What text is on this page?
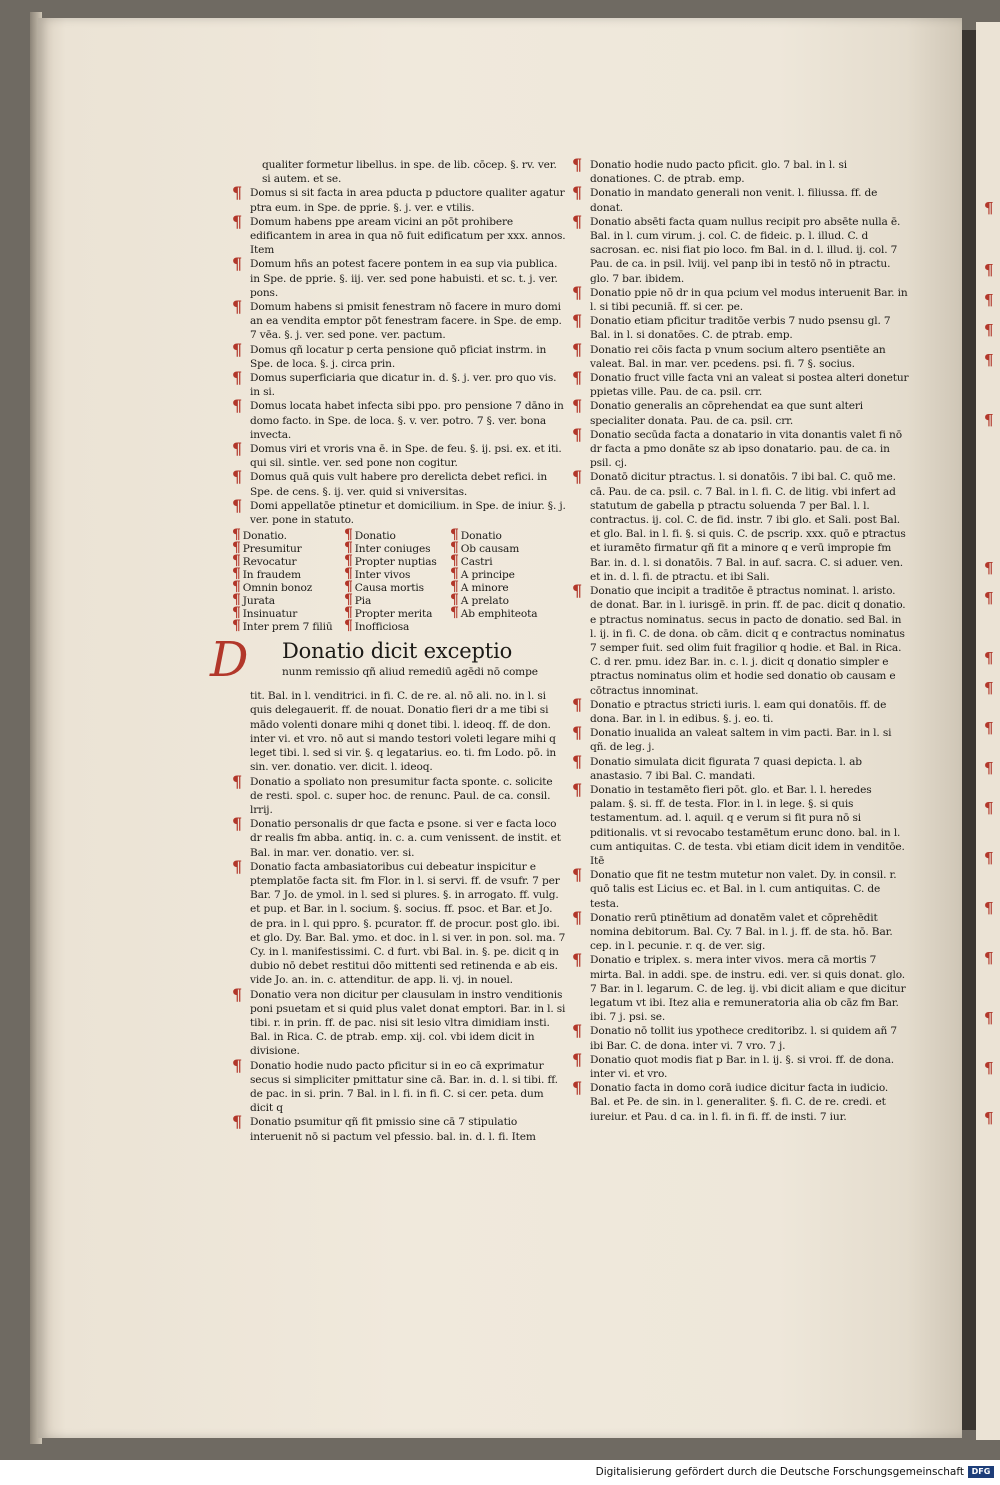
¶
¶
¶
¶
¶
¶
¶
¶
¶
¶
¶
¶
¶
¶
¶
¶
¶
¶
¶

qualiter formetur libellus. in spe. de lib. cōcep. §. rv. ver. si autem. et se.

¶ Domus si sit facta in area pducta p pductore qualiter agatur ptra eum. in Spe. de pprie. §. j. ver. e vtilis.

¶ Domum habens ppe aream vicini an pōt prohibere edificantem in area in qua nō fuit edificatum per xxx. annos. Item

¶ Domum hñs an potest facere pontem in ea sup via publica. in Spe. de pprie. §. iij. ver. sed pone habuisti. et sc. t. j. ver. pons.

¶ Domum habens si pmisit fenestram nō facere in muro domi an ea vendita emptor pōt fenestram facere. in Spe. de emp. 7 vēa. §. j. ver. sed pone. ver. pactum.

¶ Domus qñ locatur p certa pensione quō pficiat instrm. in Spe. de loca. §. j. circa prin.

¶ Domus superficiaria que dicatur in. d. §. j. ver. pro quo vis. in si.

¶ Domus locata habet infecta sibi ppo. pro pensione 7 dāno in domo facto. in Spe. de loca. §. v. ver. potro. 7 §. ver. bona invecta.

¶ Domus viri et vroris vna ē. in Spe. de feu. §. ij. psi. ex. et iti. qui sil. sintle. ver. sed pone non cogitur.

¶ Domus quā quis vult habere pro derelicta debet refici. in Spe. de cens. §. ij. ver. quid si vniversitas.

¶ Domi appellatōe ptinetur et domicilium. in Spe. de iniur. §. j. ver. pone in statuto.

¶ Donatio.	¶ Donatio	¶ Donatio
¶ Presumitur	¶ Inter coniuges ¶ Ob causam
¶ Revocatur	¶ Propter nuptias ¶ Castri
¶ In fraudem	¶ Inter vivos	¶ A principe
¶ Omnin bonoz ¶ Causa mortis ¶ A minore
¶ Jurata	¶ Pia	¶ A prelato
¶ Insinuatur	¶ Propter merita ¶ Ab emphiteota
¶ Inter prem 7 filiū ¶ Inofficiosa
D	Donatio dicit exceptio
nunm remissio qñ aliud remediū agēdi nō compe

tit. Bal. in l. venditrici. in fi. C. de re. al. nō ali. no. in l. si quis delegauerit. ff. de nouat. Donatio fieri dr a me tibi si mādo volenti donare mihi q donet tibi. l. ideoq. ff. de don. inter vi. et vro. nō aut si mando testori voleti legare mihi q leget tibi. l. sed si vir. §. q legatarius. eo. ti. fm Lodo. pō. in sin. ver. donatio. ver. dicit. l. ideoq.

¶ Donatio a spoliato non presumitur facta sponte. c. solicite de resti. spol. c. super hoc. de renunc. Paul. de ca. consil. lrrij.

¶ Donatio personalis dr que facta e psone. si ver e facta loco dr realis fm abba. antiq. in. c. a. cum venissent. de instit. et Bal. in mar. ver. donatio. ver. si.

¶ Donatio facta ambasiatoribus cui debeatur inspicitur e ptemplatōe facta sit. fm Flor. in l. si servi. ff. de vsufr. 7 per Bar. 7 Jo. de ymol. in l. sed si plures. §. in arrogato. ff. vulg. et pup. et Bar. in l. socium. §. socius. ff. psoc. et Bar. et Jo. de pra. in l. qui ppro. §. pcurator. ff. de procur. post glo. ibi. et glo. Dy. Bar. Bal. ymo. et doc. in l. si ver. in pon. sol. ma. 7 Cy. in l. manifestissimi. C. d furt. vbi Bal. in. §. pe. dicit q in dubio nō debet restitui dōo mittenti sed retinenda e ab eis. vide Jo. an. in. c. attenditur. de app. li. vj. in nouel.

¶ Donatio vera non dicitur per clausulam in instro venditionis poni psuetam et si quid plus valet donat emptori. Bar. in l. si tibi. r. in prin. ff. de pac. nisi sit lesio vltra dimidiam insti. Bal. in Rica. C. de ptrab. emp. xij. col. vbi idem dicit in divisione.

¶ Donatio hodie nudo pacto pficitur si in eo cā exprimatur secus si simpliciter pmittatur sine cā. Bar. in. d. l. si tibi. ff. de pac. in si. prin. 7 Bal. in l. fi. in fi. C. si cer. peta. dum dicit q

¶ Donatio psumitur qñ fit pmissio sine cā 7 stipulatio interuenit nō si pactum vel pfessio. bal. in. d. l. fi. Item

¶ Donatio hodie nudo pacto pficit. glo. 7 bal. in l. si donationes. C. de ptrab. emp.

¶ Donatio in mandato generali non venit. l. filiussa. ff. de donat.

¶ Donatio absēti facta quam nullus recipit pro absēte nulla ē. Bal. in l. cum virum. j. col. C. de fideic. p. l. illud. C. d sacrosan. ec. nisi fiat pio loco. fm Bal. in d. l. illud. ij. col. 7 Pau. de ca. in psil. lviij. vel panp ibi in testō nō in ptractu. glo. 7 bar. ibidem.

¶ Donatio ppie nō dr in qua pcium vel modus interuenit Bar. in l. si tibi pecuniā. ff. si cer. pe.

¶ Donatio etiam pficitur traditōe verbis 7 nudo psensu gl. 7 Bal. in l. si donatōes. C. de ptrab. emp.

¶ Donatio rei cōis facta p vnum socium altero psentiēte an valeat. Bal. in mar. ver. pcedens. psi. fi. 7 §. socius.

¶ Donatio fruct ville facta vni an valeat si postea alteri donetur ppietas ville. Pau. de ca. psil. crr.

¶ Donatio generalis an cōprehendat ea que sunt alteri specialiter donata. Pau. de ca. psil. crr.

¶ Donatio secūda facta a donatario in vita donantis valet fi nō dr facta a pmo donāte sz ab ipso donatario. pau. de ca. in psil. cj.

¶ Donatō dicitur ptractus. l. si donatōis. 7 ibi bal. C. quō me. cā. Pau. de ca. psil. c. 7 Bal. in l. fi. C. de litig. vbi infert ad statutum de gabella p ptractu soluenda 7 per Bal. l. l. contractus. ij. col. C. de fid. instr. 7 ibi glo. et Sali. post Bal. et glo. Bal. in l. fi. §. si quis. C. de pscrip. xxx. quō e ptractus et iuramēto firmatur qñ fit a minore q e verū impropie fm Bar. in. d. l. si donatōis. 7 Bal. in auf. sacra. C. si aduer. ven. et in. d. l. fi. de ptractu. et ibi Sali.

¶ Donatio que incipit a traditōe ē ptractus nominat. l. aristo. de donat. Bar. in l. iurisgē. in prin. ff. de pac. dicit q donatio. e ptractus nominatus. secus in pacto de donatio. sed Bal. in l. ij. in fi. C. de dona. ob cām. dicit q e contractus nominatus 7 semper fuit. sed olim fuit fragilior q hodie. et Bal. in Rica. C. d rer. pmu. idez Bar. in. c. l. j. dicit q donatio simpler e ptractus nominatus olim et hodie sed donatio ob causam e cōtractus innominat.

¶ Donatio e ptractus stricti iuris. l. eam qui donatōis. ff. de dona. Bar. in l. in edibus. §. j. eo. ti.

¶ Donatio inualida an valeat saltem in vim pacti. Bar. in l. si qñ. de leg. j.

¶ Donatio simulata dicit figurata 7 quasi depicta. l. ab anastasio. 7 ibi Bal. C. mandati.

¶ Donatio in testamēto fieri pōt. glo. et Bar. l. l. heredes palam. §. si. ff. de testa. Flor. in l. in lege. §. si quis testamentum. ad. l. aquil. q e verum si fit pura nō si pditionalis. vt si revocabo testamētum erunc dono. bal. in l. cum antiquitas. C. de testa. vbi etiam dicit idem in venditōe. Itē

¶ Donatio que fit ne testm mutetur non valet. Dy. in consil. r. quō talis est Licius ec. et Bal. in l. cum antiquitas. C. de testa.

¶ Donatio rerū ptinētium ad donatēm valet et cōprehēdit nomina debitorum. Bal. Cy. 7 Bal. in l. j. ff. de sta. hō. Bar. cep. in l. pecunie. r. q. de ver. sig.

¶ Donatio e triplex. s. mera inter vivos. mera cā mortis 7 mirta. Bal. in addi. spe. de instru. edi. ver. si quis donat. glo. 7 Bar. in l. legarum. C. de leg. ij. vbi dicit aliam e que dicitur legatum vt ibi. Itez alia e remuneratoria alia ob cāz fm Bar. ibi. 7 j. psi. se.

¶ Donatio nō tollit ius ypothece creditoribz. l. si quidem añ 7 ibi Bar. C. de dona. inter vi. 7 vro. 7 j.

¶ Donatio quot modis fiat p Bar. in l. ij. §. si vroi. ff. de dona. inter vi. et vro.

¶ Donatio facta in domo corā iudice dicitur facta in iudicio. Bal. et Pe. de sin. in l. generaliter. §. fi. C. de re. credi. et iureiur. et Pau. d ca. in l. fi. in fi. ff. de insti. 7 iur.

Digitalisierung gefördert durch die Deutsche Forschungsgemeinschaft DFG
